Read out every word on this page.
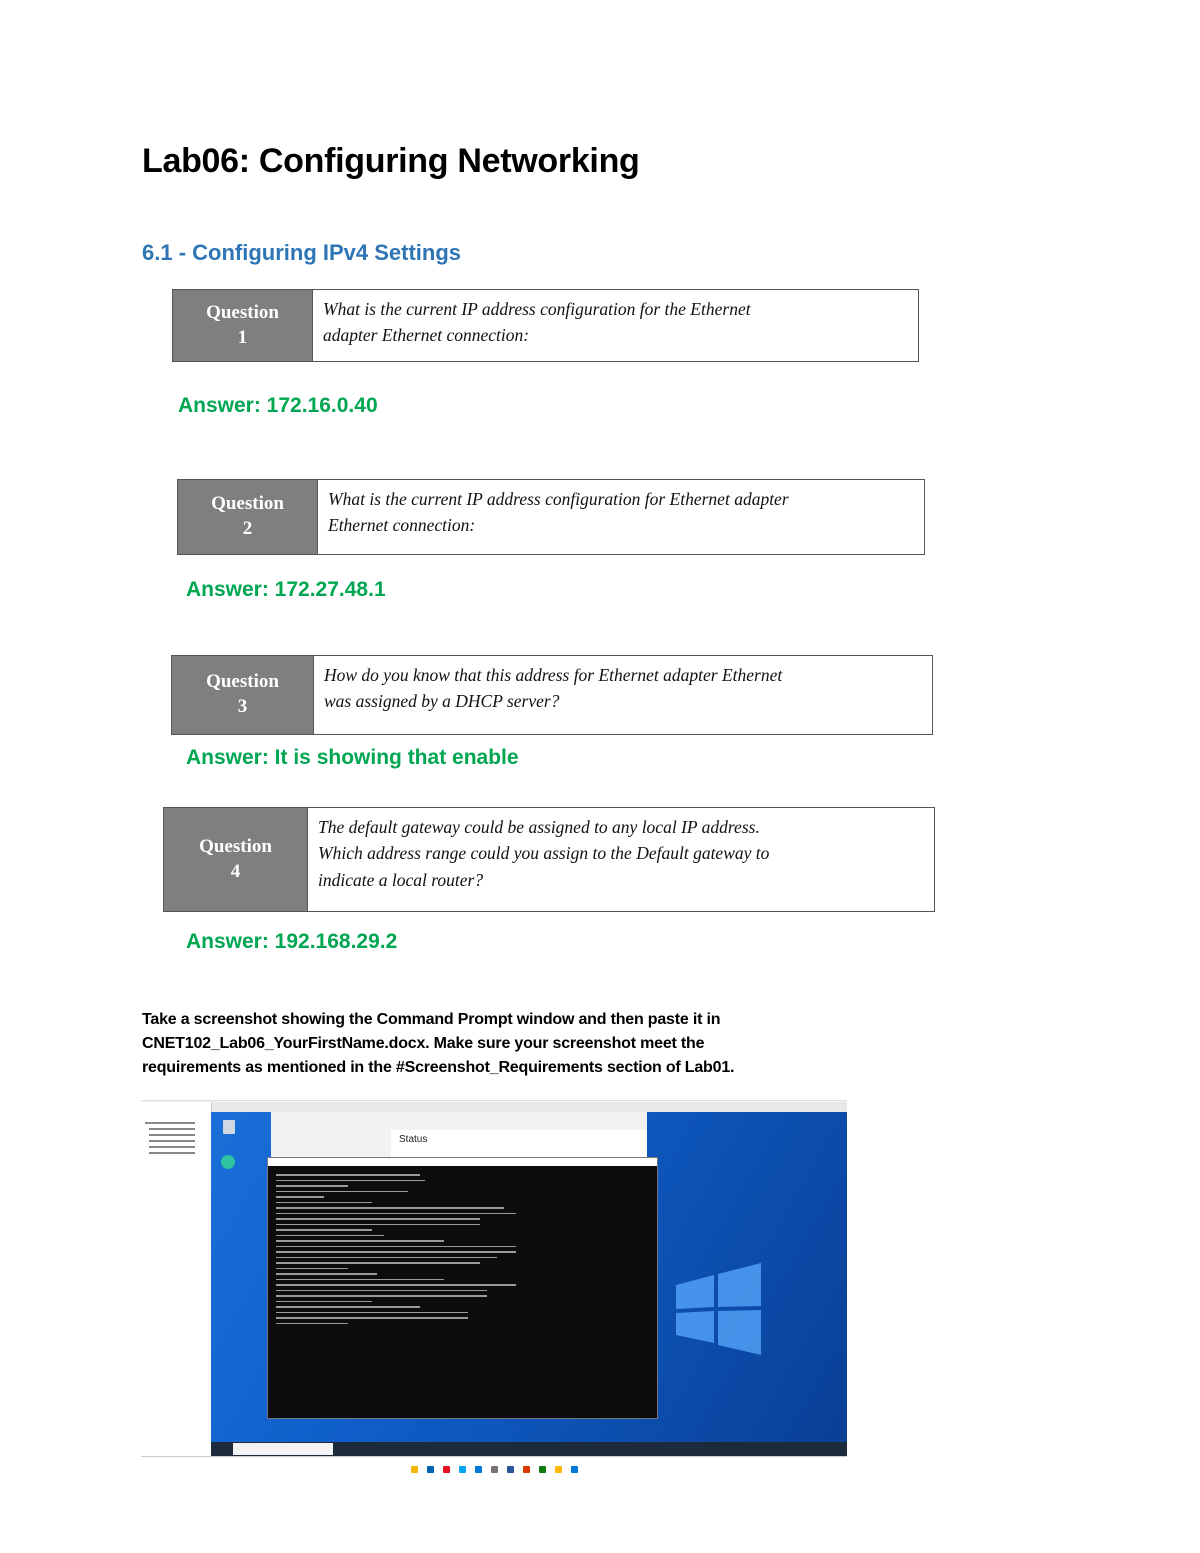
Lab06: Configuring Networking
6.1 - Configuring IPv4 Settings
Question
1
What is the current IP address configuration for the Ethernet
adapter Ethernet connection:
Answer: 172.16.0.40
Question
2
What is the current IP address configuration for Ethernet adapter
Ethernet connection:
Answer: 172.27.48.1
Question
3
How do you know that this address for Ethernet adapter Ethernet
was assigned by a DHCP server?
Answer: It is showing that enable
Question
4
The default gateway could be assigned to any local IP address.
Which address range could you assign to the Default gateway to
indicate a local router?
Answer: 192.168.29.2
Take a screenshot showing the Command Prompt window and then paste it in
CNET102_Lab06_YourFirstName.docx. Make sure your screenshot meet the
requirements as mentioned in the #Screenshot_Requirements section of Lab01.
Status
